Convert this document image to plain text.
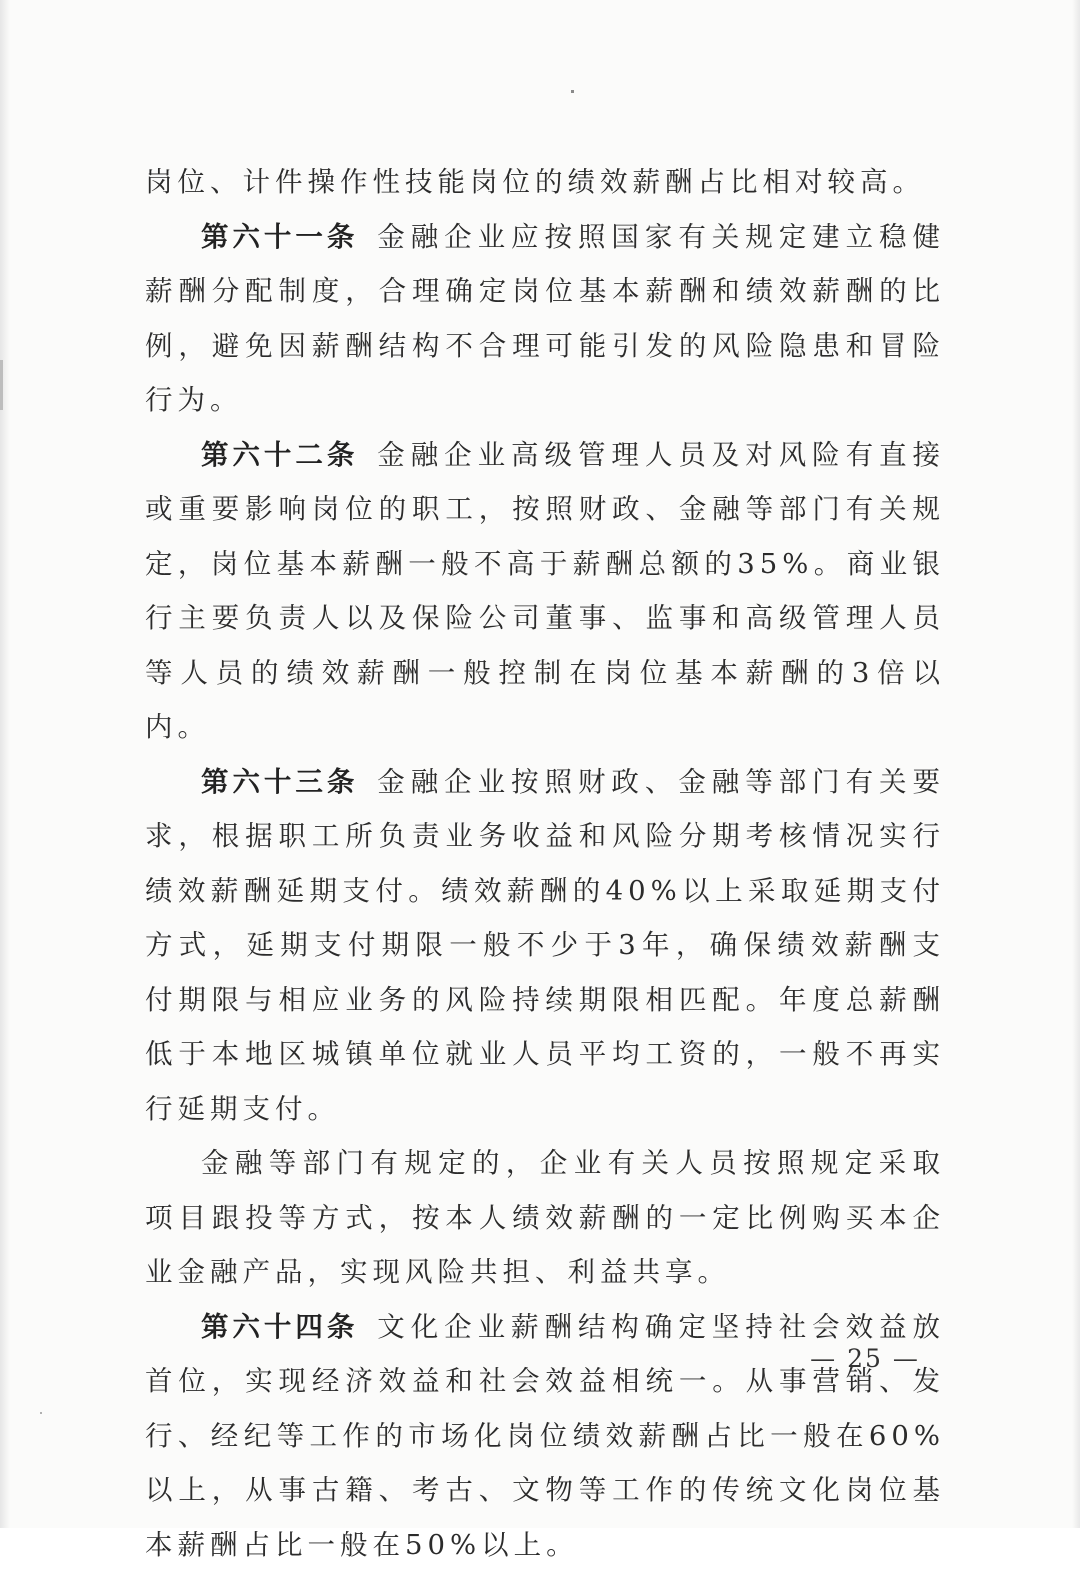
岗位、计件操作性技能岗位的绩效薪酬占比相对较高。

第六十一条 金融企业应按照国家有关规定建立稳健薪酬分配制度，合理确定岗位基本薪酬和绩效薪酬的比例，避免因薪酬结构不合理可能引发的风险隐患和冒险行为。

第六十二条 金融企业高级管理人员及对风险有直接或重要影响岗位的职工，按照财政、金融等部门有关规定，岗位基本薪酬一般不高于薪酬总额的35%。商业银行主要负责人以及保险公司董事、监事和高级管理人员等人员的绩效薪酬一般控制在岗位基本薪酬的3倍以内。

第六十三条 金融企业按照财政、金融等部门有关要求，根据职工所负责业务收益和风险分期考核情况实行绩效薪酬延期支付。绩效薪酬的40%以上采取延期支付方式，延期支付期限一般不少于3年，确保绩效薪酬支付期限与相应业务的风险持续期限相匹配。年度总薪酬低于本地区城镇单位就业人员平均工资的，一般不再实行延期支付。

金融等部门有规定的，企业有关人员按照规定采取项目跟投等方式，按本人绩效薪酬的一定比例购买本企业金融产品，实现风险共担、利益共享。

第六十四条 文化企业薪酬结构确定坚持社会效益放首位，实现经济效益和社会效益相统一。从事营销、发行、经纪等工作的市场化岗位绩效薪酬占比一般在60%以上，从事古籍、考古、文物等工作的传统文化岗位基本薪酬占比一般在50%以上。

— 25 —
